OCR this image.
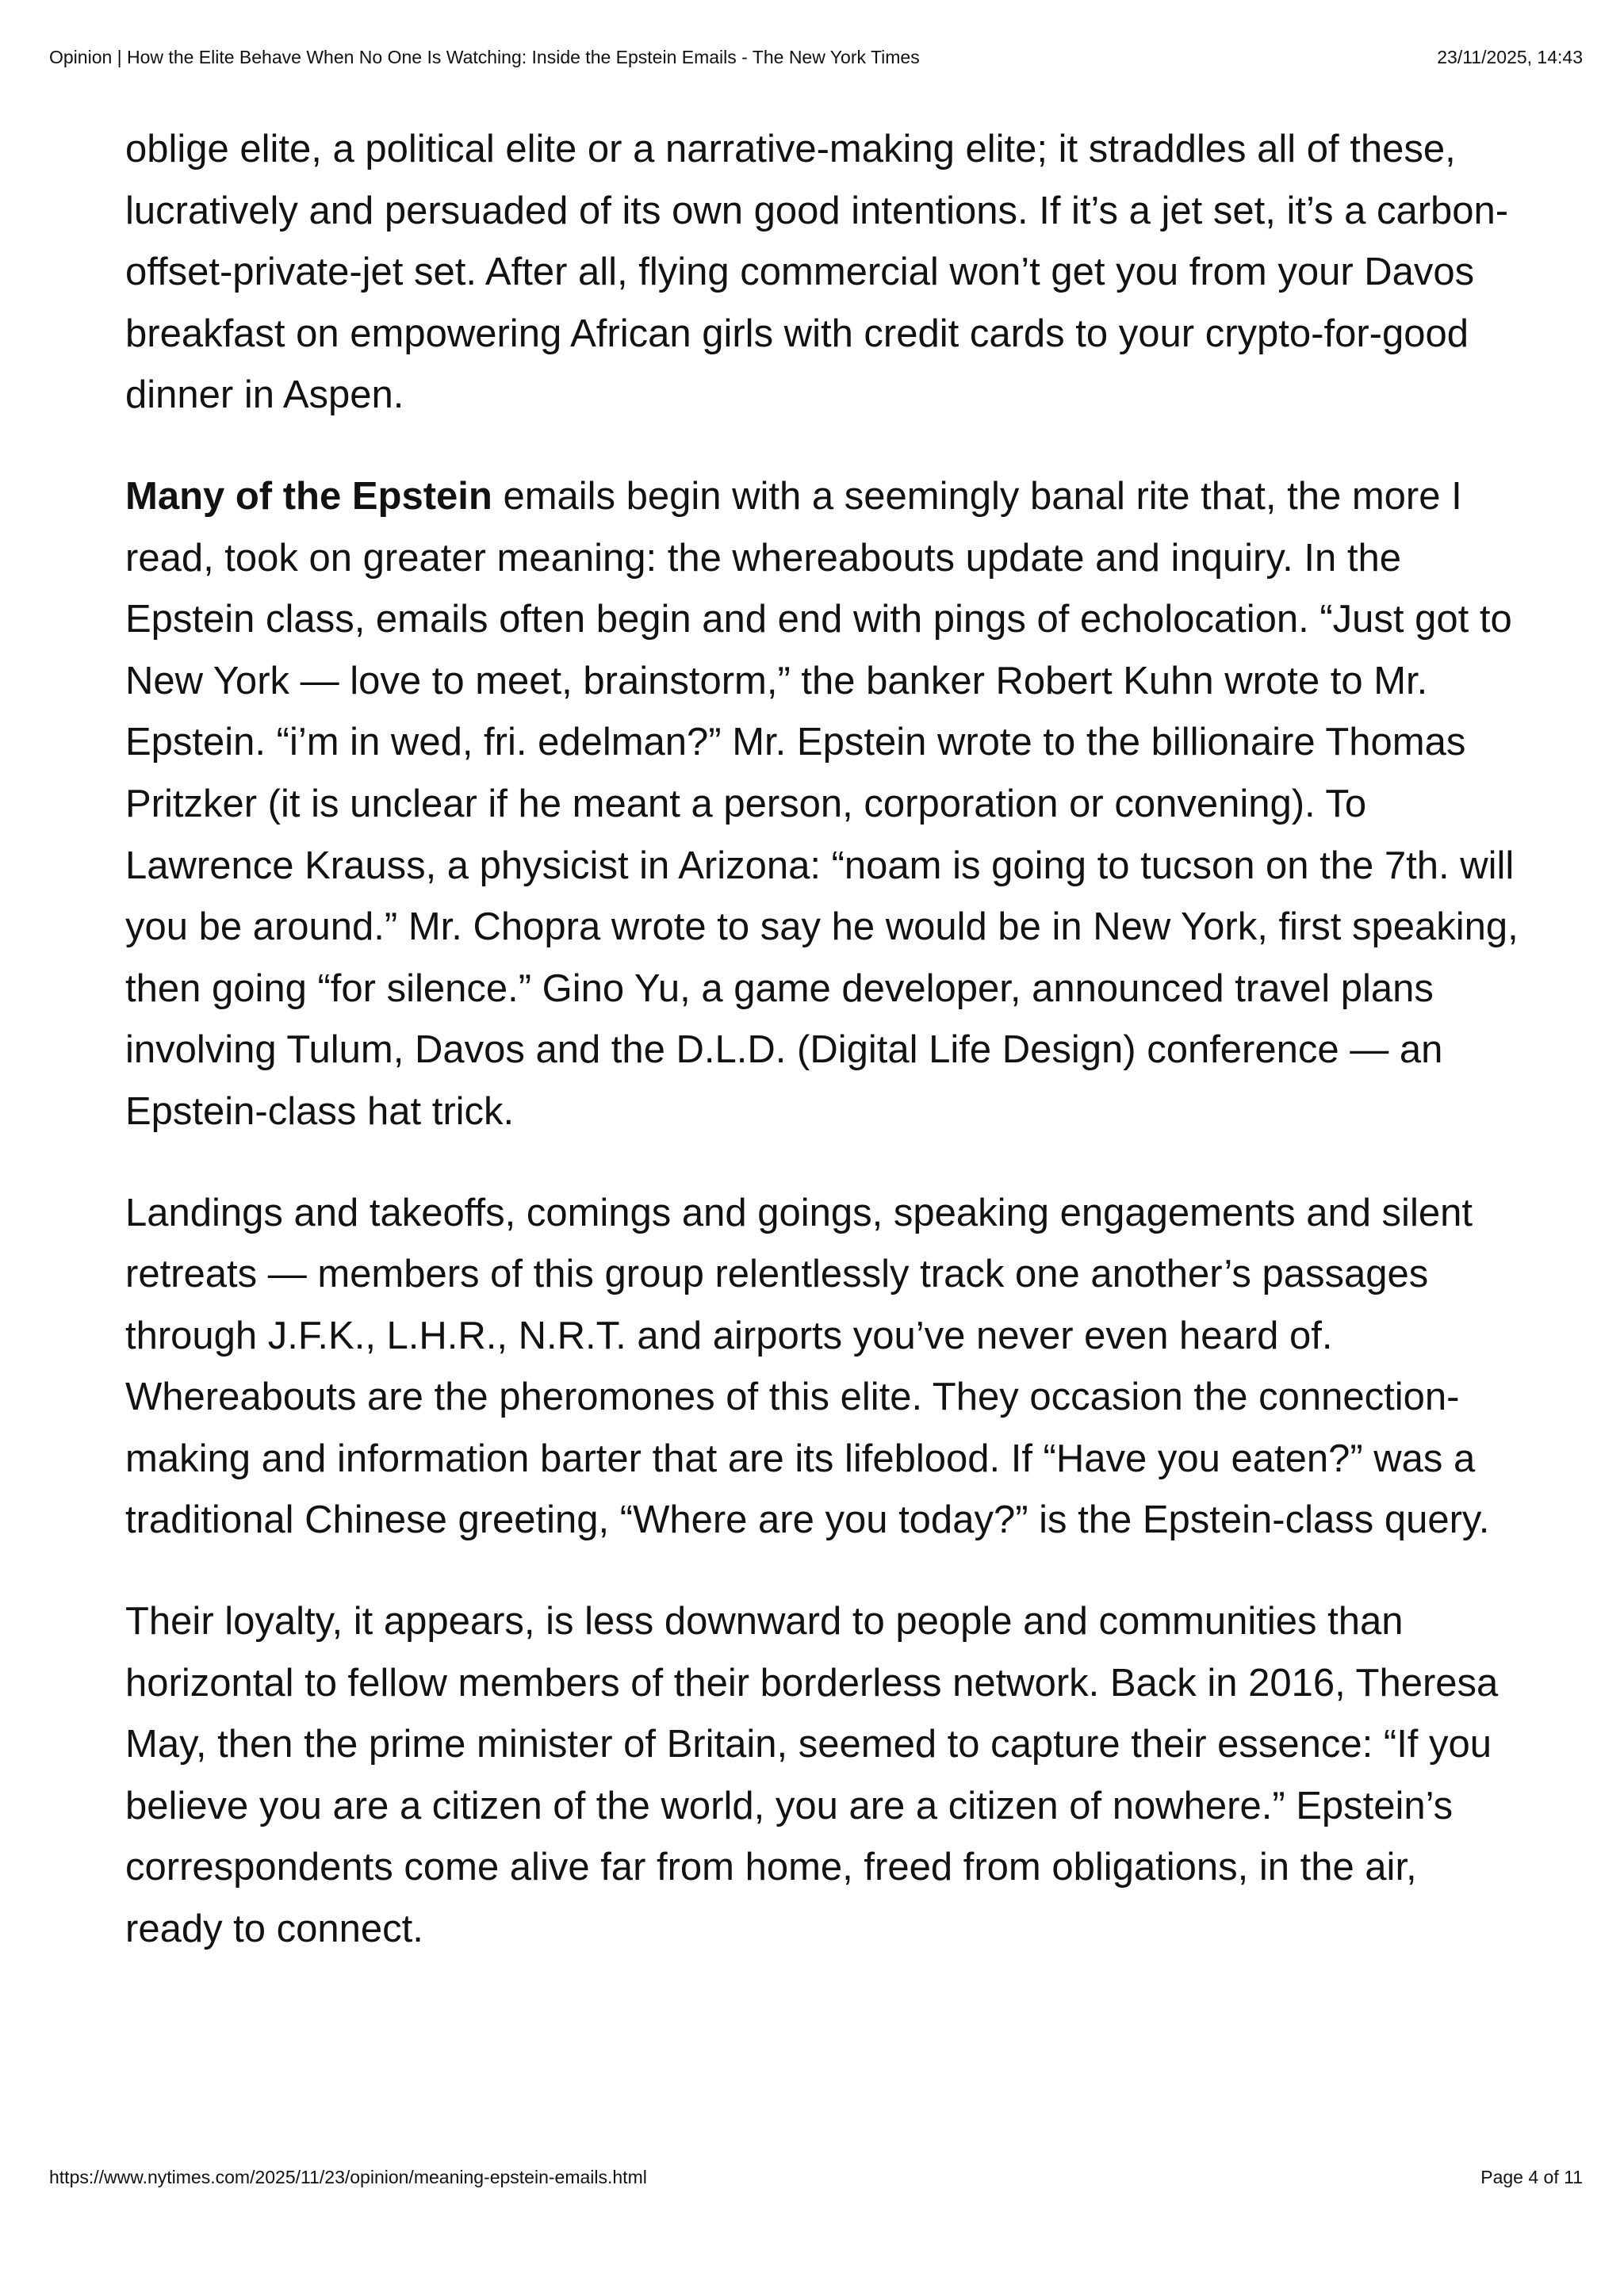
Opinion | How the Elite Behave When No One Is Watching: Inside the Epstein Emails - The New York Times	23/11/2025, 14:43

oblige elite, a political elite or a narrative-making elite; it straddles all of these, lucratively and persuaded of its own good intentions. If it’s a jet set, it’s a carbon-offset-private-jet set. After all, flying commercial won’t get you from your Davos breakfast on empowering African girls with credit cards to your crypto-for-good dinner in Aspen.

Many of the Epstein emails begin with a seemingly banal rite that, the more I read, took on greater meaning: the whereabouts update and inquiry. In the Epstein class, emails often begin and end with pings of echolocation. “Just got to New York — love to meet, brainstorm,” the banker Robert Kuhn wrote to Mr. Epstein. “i’m in wed, fri. edelman?” Mr. Epstein wrote to the billionaire Thomas Pritzker (it is unclear if he meant a person, corporation or convening). To Lawrence Krauss, a physicist in Arizona: “noam is going to tucson on the 7th. will you be around.” Mr. Chopra wrote to say he would be in New York, first speaking, then going “for silence.” Gino Yu, a game developer, announced travel plans involving Tulum, Davos and the D.L.D. (Digital Life Design) conference — an Epstein-class hat trick.

Landings and takeoffs, comings and goings, speaking engagements and silent retreats — members of this group relentlessly track one another’s passages through J.F.K., L.H.R., N.R.T. and airports you’ve never even heard of. Whereabouts are the pheromones of this elite. They occasion the connection-making and information barter that are its lifeblood. If “Have you eaten?” was a traditional Chinese greeting, “Where are you today?” is the Epstein-class query.

Their loyalty, it appears, is less downward to people and communities than horizontal to fellow members of their borderless network. Back in 2016, Theresa May, then the prime minister of Britain, seemed to capture their essence: “If you believe you are a citizen of the world, you are a citizen of nowhere.” Epstein’s correspondents come alive far from home, freed from obligations, in the air, ready to connect.

https://www.nytimes.com/2025/11/23/opinion/meaning-epstein-emails.html	Page 4 of 11
